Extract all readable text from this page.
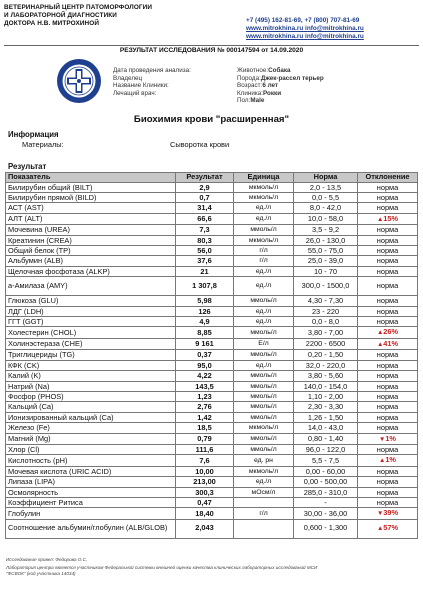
ВЕТЕРИНАРНЫЙ ЦЕНТР ПАТОМОРФОЛОГИИ
И ЛАБОРАТОРНОЙ ДИАГНОСТИКИ
ДОКТОРА Н.В. МИТРОХИНОЙ	+7 (495) 162-81-69, +7 (800) 707-81-69
www.mitrokhina.ru info@mitrokhina.ru
www.mitrokhina.ru info@mitrokhina.ru
РЕЗУЛЬТАТ ИССЛЕДОВАНИЯ № 000147594 от 14.09.2020
Дата проведения анализа:
Владелец
Название Клиники:
Лечащий врач:
Животное:Собака
Порода:Джек-рассел терьер
Возраст:6 лет
Клиника:Рокки
Пол:Male
Биохимия крови "расширенная"
Информация
Материалы:	Сыворотка крови
Результат
Показатель	Результат	Единица	Норма	Отклонение
Билирубин общий (BILT)	2,9	мкмоль/л	2,0 - 13,5	норма
Билирубин прямой (BILD)	0,7	мкмоль/л	0,0 - 5,5	норма
АСТ (AST)	31,4	ед./л	8,0 - 42,0	норма
АЛТ (ALT)	66,6	ед./л	10,0 - 58,0	▲15%
Мочевина (UREA)	7,3	ммоль/л	3,5 - 9,2	норма
Креатинин (CREA)	80,3	мкмоль/л	26,0 - 130,0	норма
Общий белок (TP)	56,0	г/л	55,0 - 75,0	норма
Альбумин (ALB)	37,6	г/л	25,0 - 39,0	норма
Щелочная фосфотаза (ALKP)	21	ед./л	10 - 70	норма
а-Амилаза (AMY)	1 307,8	ед./л	300,0 - 1500,0	норма
Глюкоза (GLU)	5,98	ммоль/л	4,30 - 7,30	норма
ЛДГ (LDH)	126	ед./л	23 - 220	норма
ГГТ (GGT)	4,9	ед./л	0,0 - 8,0	норма
Холестерин (CHOL)	8,85	ммоль/л	3,80 - 7,00	▲26%
Холинэстераза (CHE)	9 161	Е/л	2200 - 6500	▲41%
Триглицериды (TG)	0,37	ммоль/л	0,20 - 1,50	норма
КФК (CK)	95,0	ед./л	32,0 - 220,0	норма
Калий (K)	4,22	ммоль/л	3,80 - 5,60	норма
Натрий (Na)	143,5	ммоль/л	140,0 - 154,0	норма
Фосфор (PHOS)	1,23	ммоль/л	1,10 - 2,00	норма
Кальций (Ca)	2,76	ммоль/л	2,30 - 3,30	норма
Ионизированный кальций (Ca)	1,42	ммоль/л	1,26 - 1,50	норма
Железо (Fe)	18,5	мкмоль/л	14,0 - 43,0	норма
Магний (Mg)	0,79	ммоль/л	0,80 - 1,40	▼1%
Хлор (Cl)	111,6	ммоль/л	96,0 - 122,0	норма
Кислотность (pH)	7,6	ед. рн	5,5 - 7,5	▲1%
Мочевая кислота (URIC ACID)	10,00	мкмоль/л	0,00 - 60,00	норма
Липаза (LIPA)	213,00	ед./л	0,00 - 500,00	норма
Осмолярность	300,3	мОсм/л	285,0 - 310,0	норма
Коэффициент Ритиса	0,47		-	норма
Глобулин	18,40	г/л	30,00 - 36,00	▼39%
Соотношение альбумин/глобулин (ALB/GLOB)	2,043		0,600 - 1,300	▲57%
Исследование провел: Федорова О.С.
Лаборатория центра является участником Федеральной системы внешней оценки качества клинических лабораторных исследований МСИ
"ФСВОК" (код участника 14034)
